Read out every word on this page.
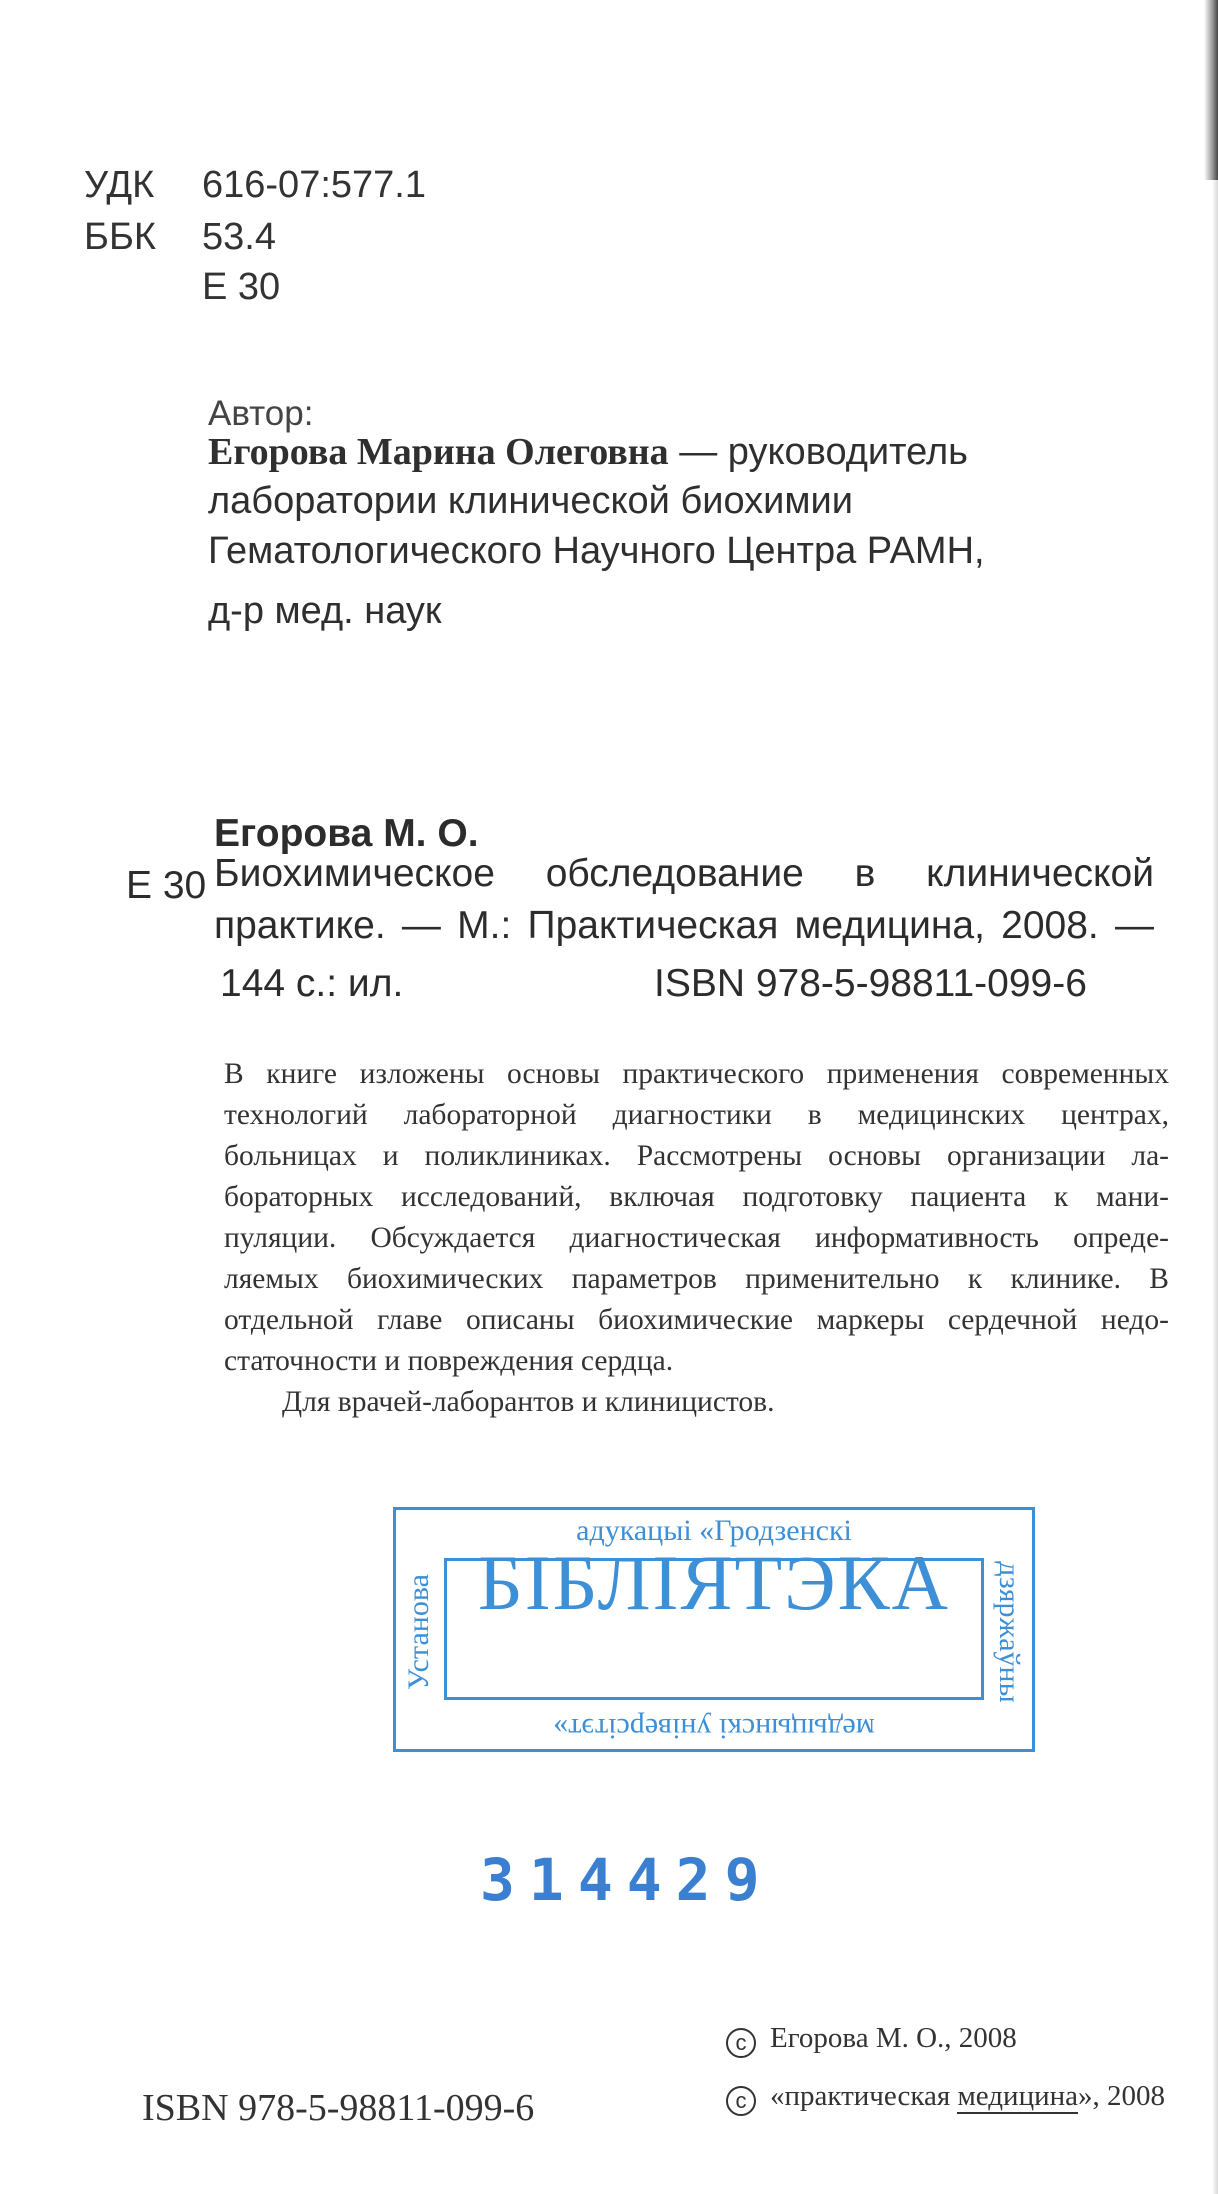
УДК 616-07:577.1
ББК 53.4
Е 30
Автор:
Егорова Марина Олеговна — руководитель
лаборатории клинической биохимии
Гематологического Научного Центра РАМН,
д-р мед. наук
Егорова М. О.
Е 30 Биохимическое обследование в клинической
практике. — М.: Практическая медицина, 2008. —
144 с.: ил.	ISBN 978-5-98811-099-6
В книге изложены основы практического применения современных
технологий лабораторной диагностики в медицинских центрах,
больницах и поликлиниках. Рассмотрены основы организации ла-
бораторных исследований, включая подготовку пациента к мани-
пуляции. Обсуждается диагностическая информативность опреде-
ляемых биохимических параметров применительно к клинике. В
отдельной главе описаны биохимические маркеры сердечной недо-
статочности и повреждения сердца.
Для врачей-лаборантов и клиницистов.
адукацыі «Гродзенскі
Установа	дзяржаўны
БІБЛІЯТЭКА
медыцынскі універсітэт»
314429
ISBN 978-5-98811-099-6
c Егорова М. О., 2008
c «практическая медицина», 2008
